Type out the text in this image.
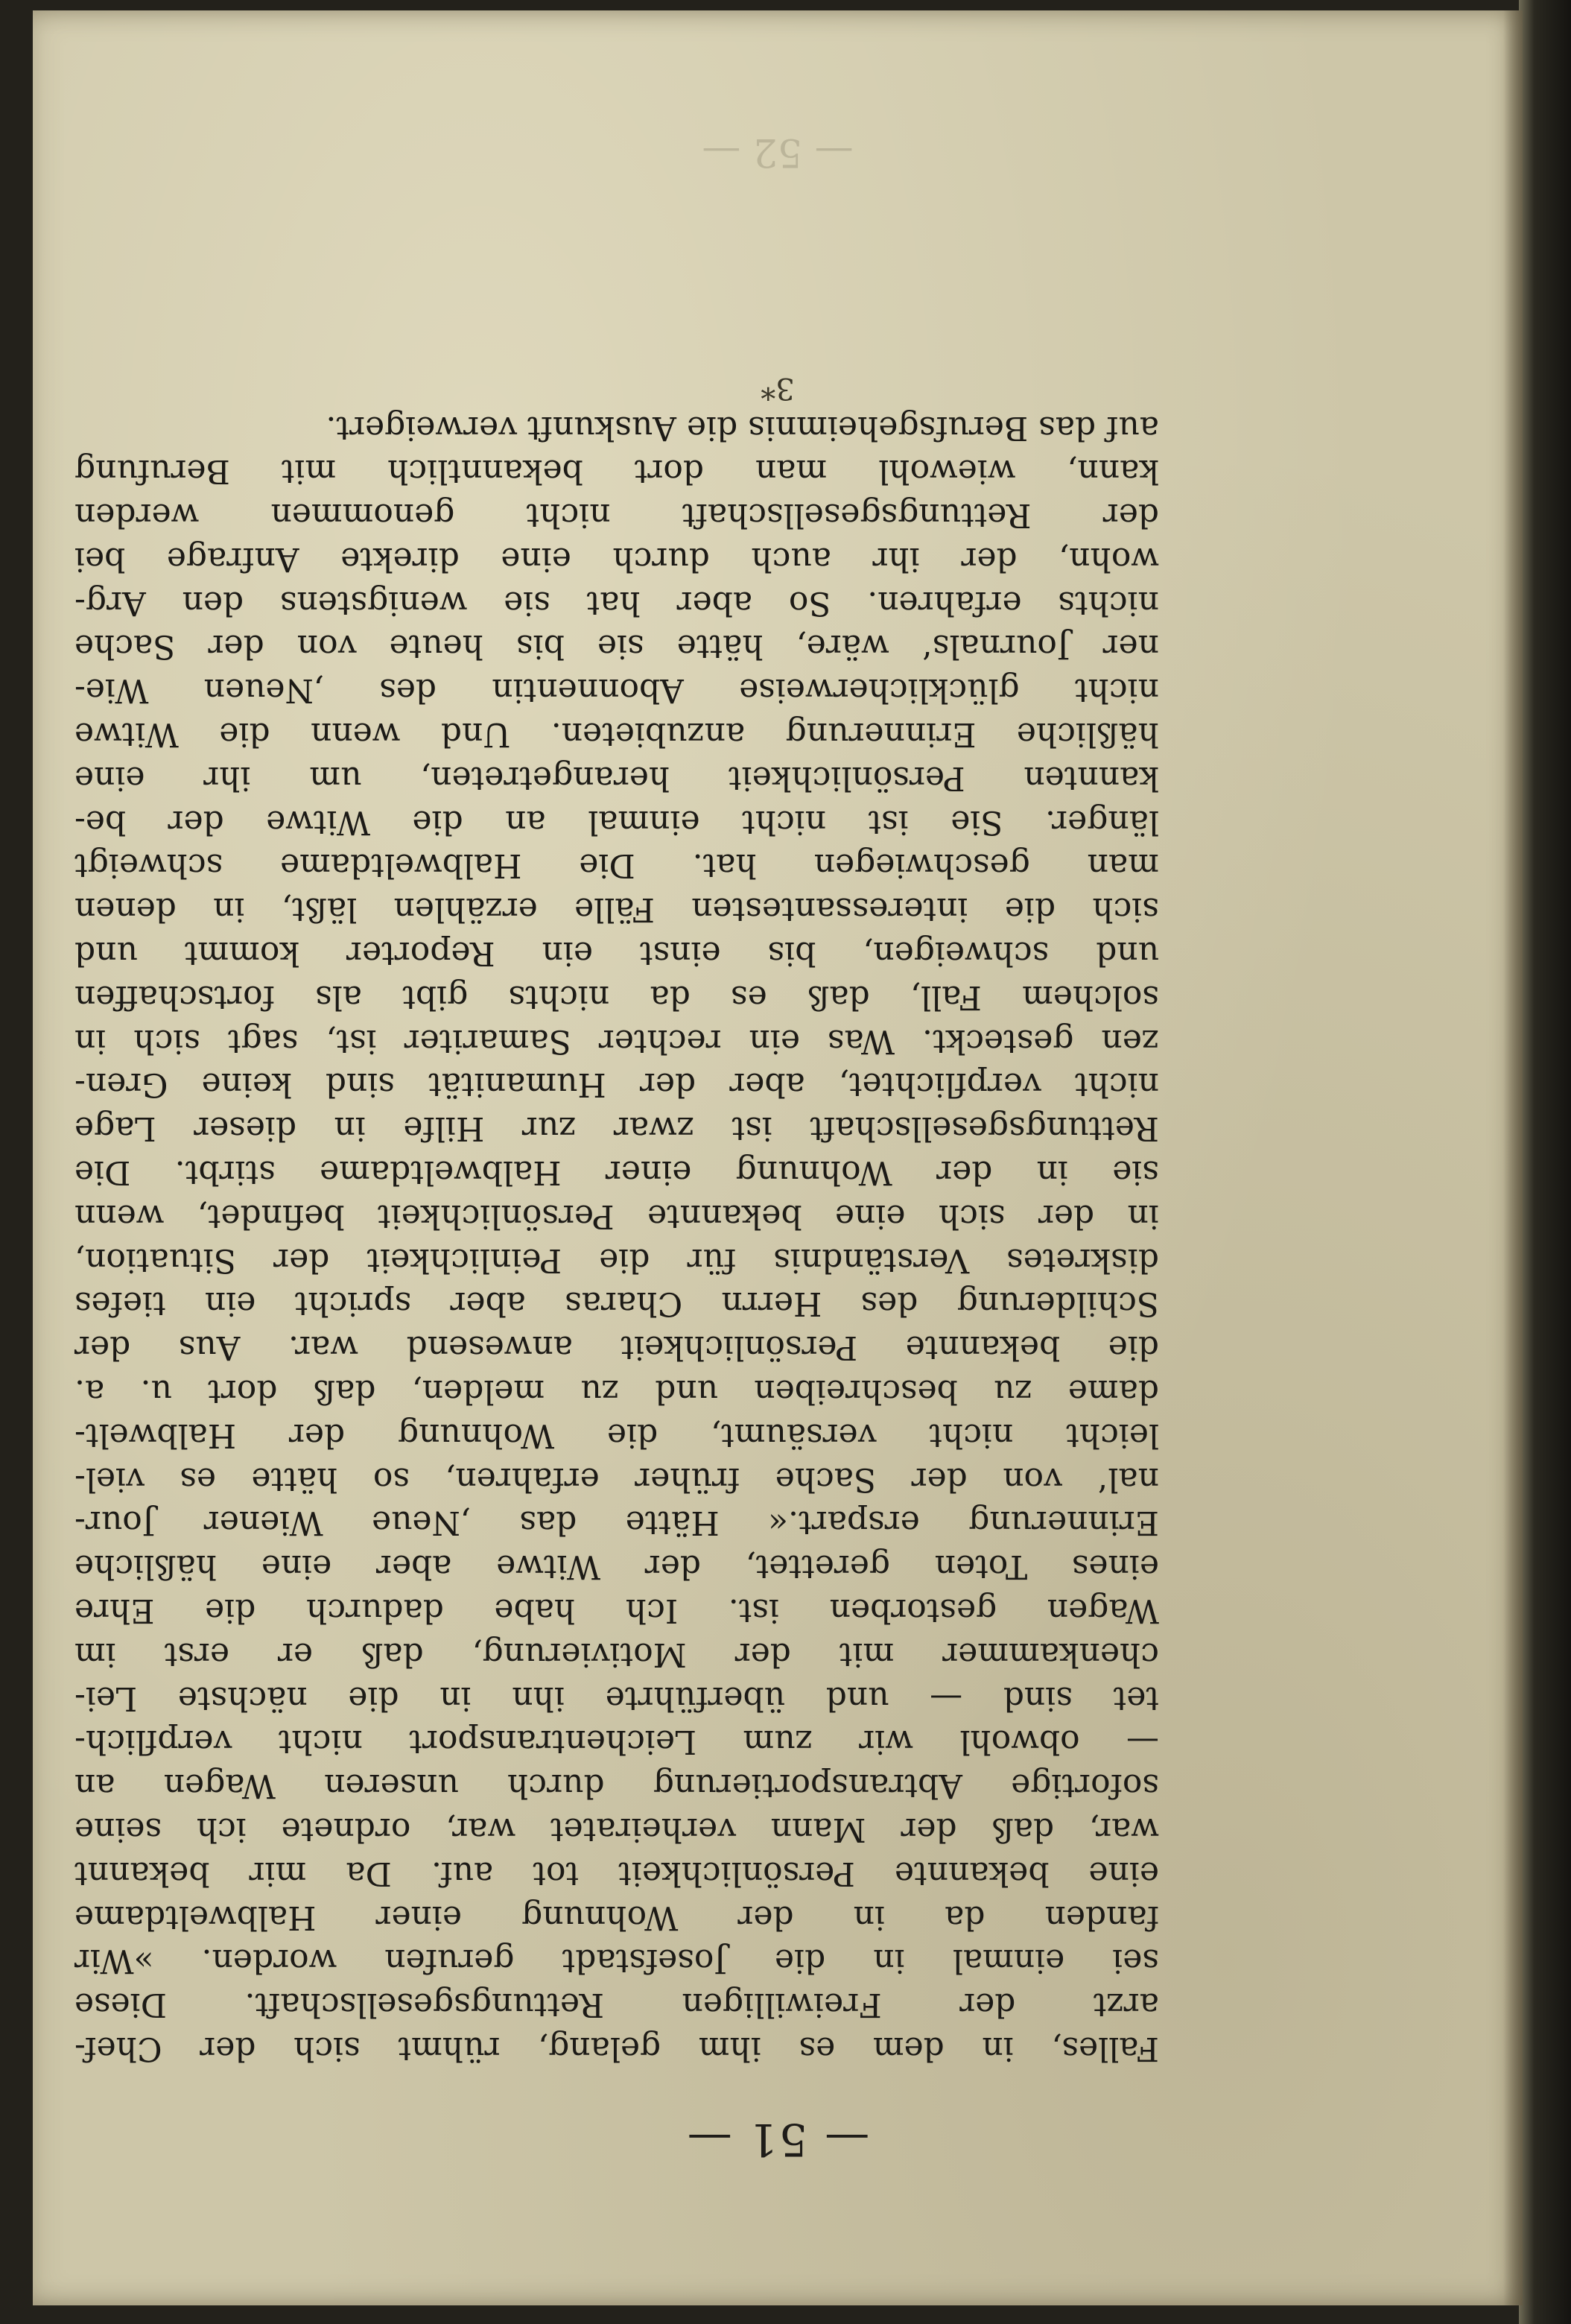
— 51 —
Falles, in dem es ihm gelang, rühmt sich der Chef-
arzt der Freiwilligen Rettungsgesellschaft. Diese
sei einmal in die Josefstadt gerufen worden. »Wir
fanden da in der Wohnung einer Halbweltdame
eine bekannte Persönlichkeit tot auf. Da mir bekannt
war, daß der Mann verheiratet war, ordnete ich seine
sofortige Abtransportierung durch unseren Wagen an
— obwohl wir zum Leichentransport nicht verpflich-
tet sind — und überführte ihn in die nächste Lei-
chenkammer mit der Motivierung, daß er erst im
Wagen gestorben ist. Ich habe dadurch die Ehre
eines Toten gerettet, der Witwe aber eine häßliche
Erinnerung erspart.« Hätte das ‚Neue Wiener Jour-
nal‘ von der Sache früher erfahren, so hätte es viel-
leicht nicht versäumt, die Wohnung der Halbwelt-
dame zu beschreiben und zu melden, daß dort u. a.
die bekannte Persönlichkeit anwesend war. Aus der
Schilderung des Herrn Charas aber spricht ein tiefes
diskretes Verständnis für die Peinlichkeit der Situation,
in der sich eine bekannte Persönlichkeit befindet, wenn
sie in der Wohnung einer Halbweltdame stirbt. Die
Rettungsgesellschaft ist zwar zur Hilfe in dieser Lage
nicht verpflichtet, aber der Humanität sind keine Gren-
zen gesteckt. Was ein rechter Samariter ist, sagt sich in
solchem Fall, daß es da nichts gibt als fortschaffen
und schweigen, bis einst ein Reporter kommt und
sich die interessantesten Fälle erzählen läßt, in denen
man geschwiegen hat. Die Halbweltdame schweigt
länger. Sie ist nicht einmal an die Witwe der be-
kannten Persönlichkeit herangetreten, um ihr eine
häßliche Erinnerung anzubieten. Und wenn die Witwe
nicht glücklicherweise Abonnentin des ‚Neuen Wie-
ner Journals‘ wäre, hätte sie bis heute von der Sache
nichts erfahren. So aber hat sie wenigstens den Arg-
wohn, der ihr auch durch eine direkte Anfrage bei
der Rettungsgesellschaft nicht genommen werden
kann, wiewohl man dort bekanntlich mit Berufung
auf das Berufsgeheimnis die Auskunft verweigert.
3*
— 52 —
